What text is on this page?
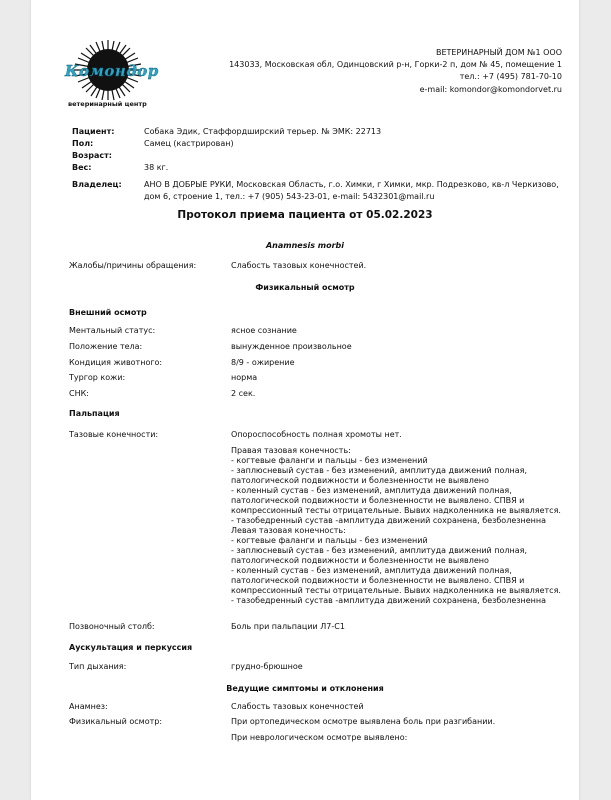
Комондор
ветеринарный центр
ВЕТЕРИНАРНЫЙ ДОМ №1 ООО
143033, Московская обл, Одинцовский р-н, Горки-2 п, дом № 45, помещение 1
тел.: +7 (495) 781-70-10
e-mail: komondor@komondorvet.ru
Пациент:	Собака Эдик, Стаффордширский терьер. № ЭМК: 22713
Пол:	Самец (кастрирован)
Возраст:
Вес:	38 кг.
Владелец:	АНО В ДОБРЫЕ РУКИ, Московская Область, г.о. Химки, г Химки, мкр. Подрезково, кв-л Черкизово,
дом 6, строение 1, тел.: +7 (905) 543-23-01, e-mail: 5432301@mail.ru
Протокол приема пациента от 05.02.2023
Anamnesis morbi
Жалобы/причины обращения:	Слабость тазовых конечностей.
Физикальный осмотр
Внешний осмотр
Ментальный статус:	ясное сознание
Положение тела:	вынужденное произвольное
Кондиция животного:	8/9 - ожирение
Тургор кожи:	норма
СНК:	2 сек.
Пальпация
Тазовые конечности:	Опороспособность полная хромоты нет.
Правая тазовая конечность:
- когтевые фаланги и пальцы - без изменений
- заплюсневый сустав - без изменений, амплитуда движений полная,
патологической подвижности и болезненности не выявлено
- коленный сустав - без изменений, амплитуда движений полная,
патологической подвижности и болезненности не выявлено. СПВЯ и
компрессионный тесты отрицательные. Вывих надколенника не выявляется.
- тазобедренный сустав -амплитуда движений сохранена, безболезненна
Левая тазовая конечность:
- когтевые фаланги и пальцы - без изменений
- заплюсневый сустав - без изменений, амплитуда движений полная,
патологической подвижности и болезненности не выявлено
- коленный сустав - без изменений, амплитуда движений полная,
патологической подвижности и болезненности не выявлено. СПВЯ и
компрессионный тесты отрицательные. Вывих надколенника не выявляется.
- тазобедренный сустав -амплитуда движений сохранена, безболезненна
Позвоночный столб:	Боль при пальпации Л7-С1
Аускультация и перкуссия
Тип дыхания:	грудно-брюшное
Ведущие симптомы и отклонения
Анамнез:	Слабость тазовых конечностей
Физикальный осмотр:	При ортопедическом осмотре выявлена боль при разгибании.
При неврологическом осмотре выявлено:
